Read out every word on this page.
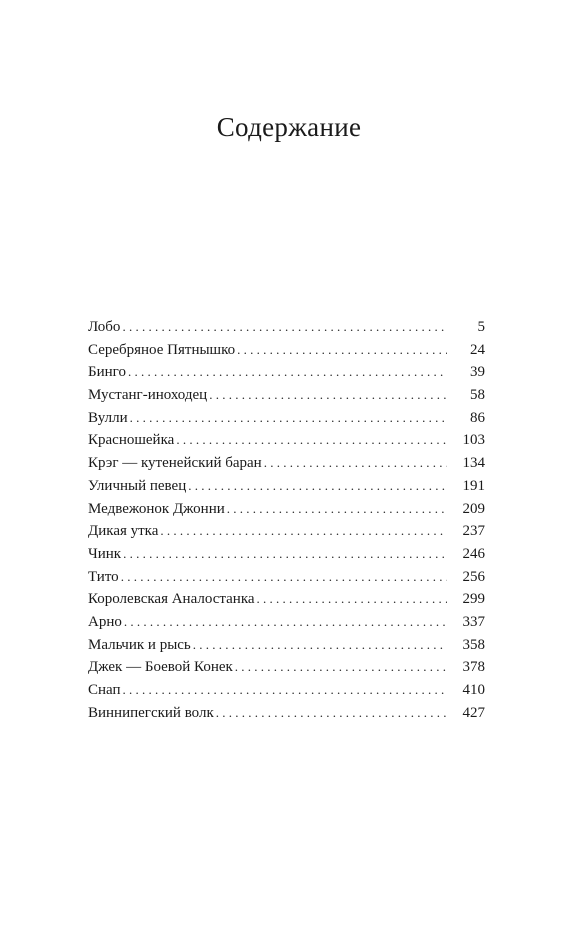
Содержание
Лобо . . .	5
Серебряное Пятнышко . . .	24
Бинго . . .	39
Мустанг-иноходец . . .	58
Вулли . . .	86
Красношейка . . .	103
Крэг — кутенейский баран . . .	134
Уличный певец . . .	191
Медвежонок Джонни . . .	209
Дикая утка . . .	237
Чинк . . .	246
Тито . . .	256
Королевская Аналостанка . . .	299
Арно . . .	337
Мальчик и рысь . . .	358
Джек — Боевой Конек . . .	378
Снап . . .	410
Виннипегский волк . . .	427
